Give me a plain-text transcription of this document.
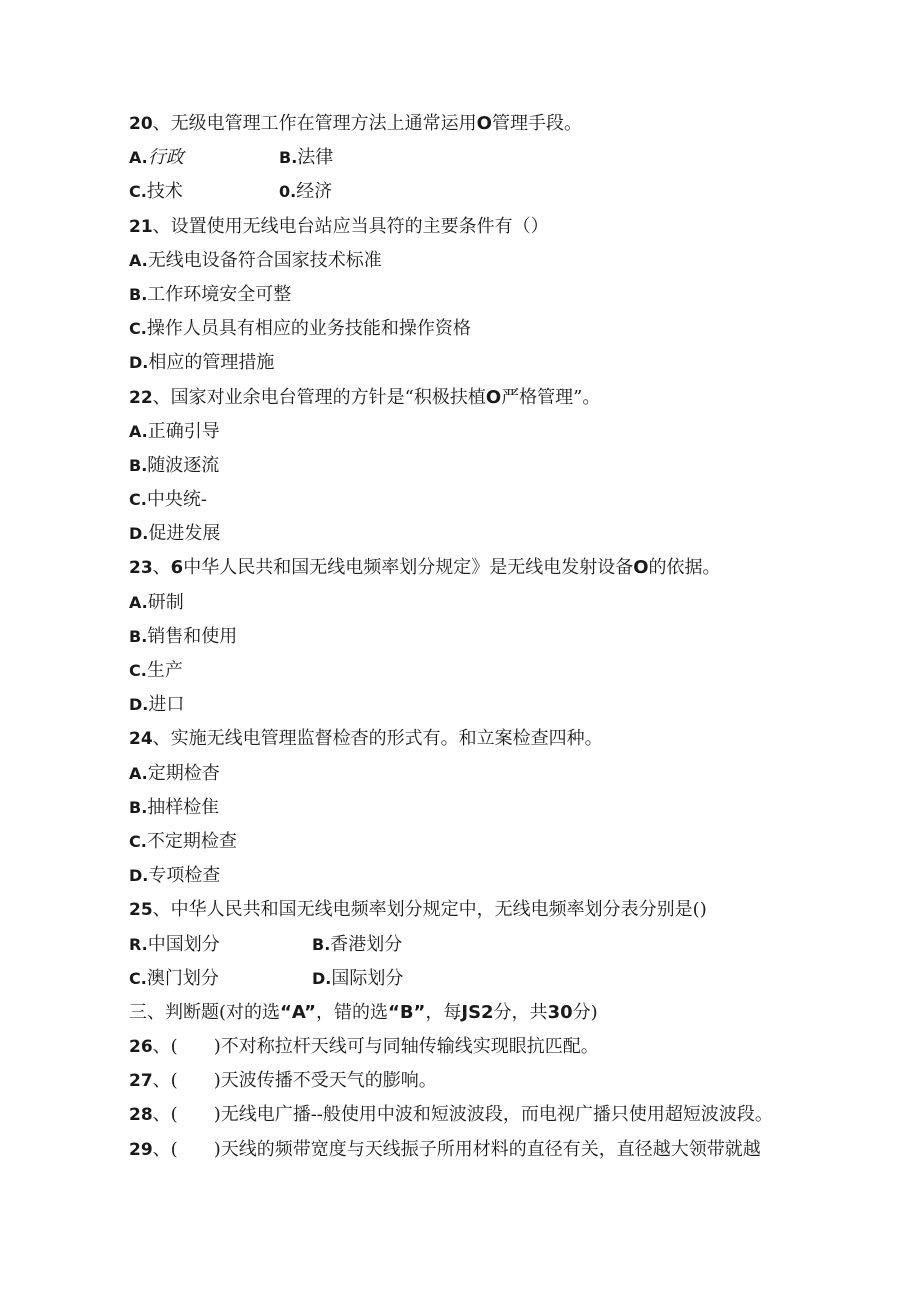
20、无级电管理工作在管理方法上通常运用O管理手段。
A.行政	B.法律
C.技术	0.经济
21、设置使用无线电台站应当具符的主要条件有（）
A.无线电设备符合国家技术标准
B.工作环境安全可整
C.操作人员具有相应的业务技能和操作资格
D.相应的管理措施
22、国家对业余电台管理的方针是“积极扶植O严格管理”。
A.正确引导
B.随波逐流
C.中央统-
D.促进发展
23、6中华人民共和国无线电频率划分规定》是无线电发射设备O的依据。
A.研制
B.销售和使用
C.生产
D.进口
24、实施无线电管理监督检杳的形式有。和立案检查四种。
A.定期检杳
B.抽样检隹
C.不定期检查
D.专项检查
25、中华人民共和国无线电频率划分规定中，无线电频率划分表分别是()
R.中国划分	B.香港划分
C.澳门划分	D.国际划分
三、判断题(对的选“A”，错的选“B”，每JS2分，共30分)
26、(　　)不对称拉杆天线可与同轴传输线实现眼抗匹配。
27、(　　)天波传播不受天气的膨响。
28、(　　)无线电广播--般使用中波和短波波段，而电视广播只使用超短波波段。
29、(　　)天线的频带宽度与天线振子所用材料的直径有关，直径越大领带就越
